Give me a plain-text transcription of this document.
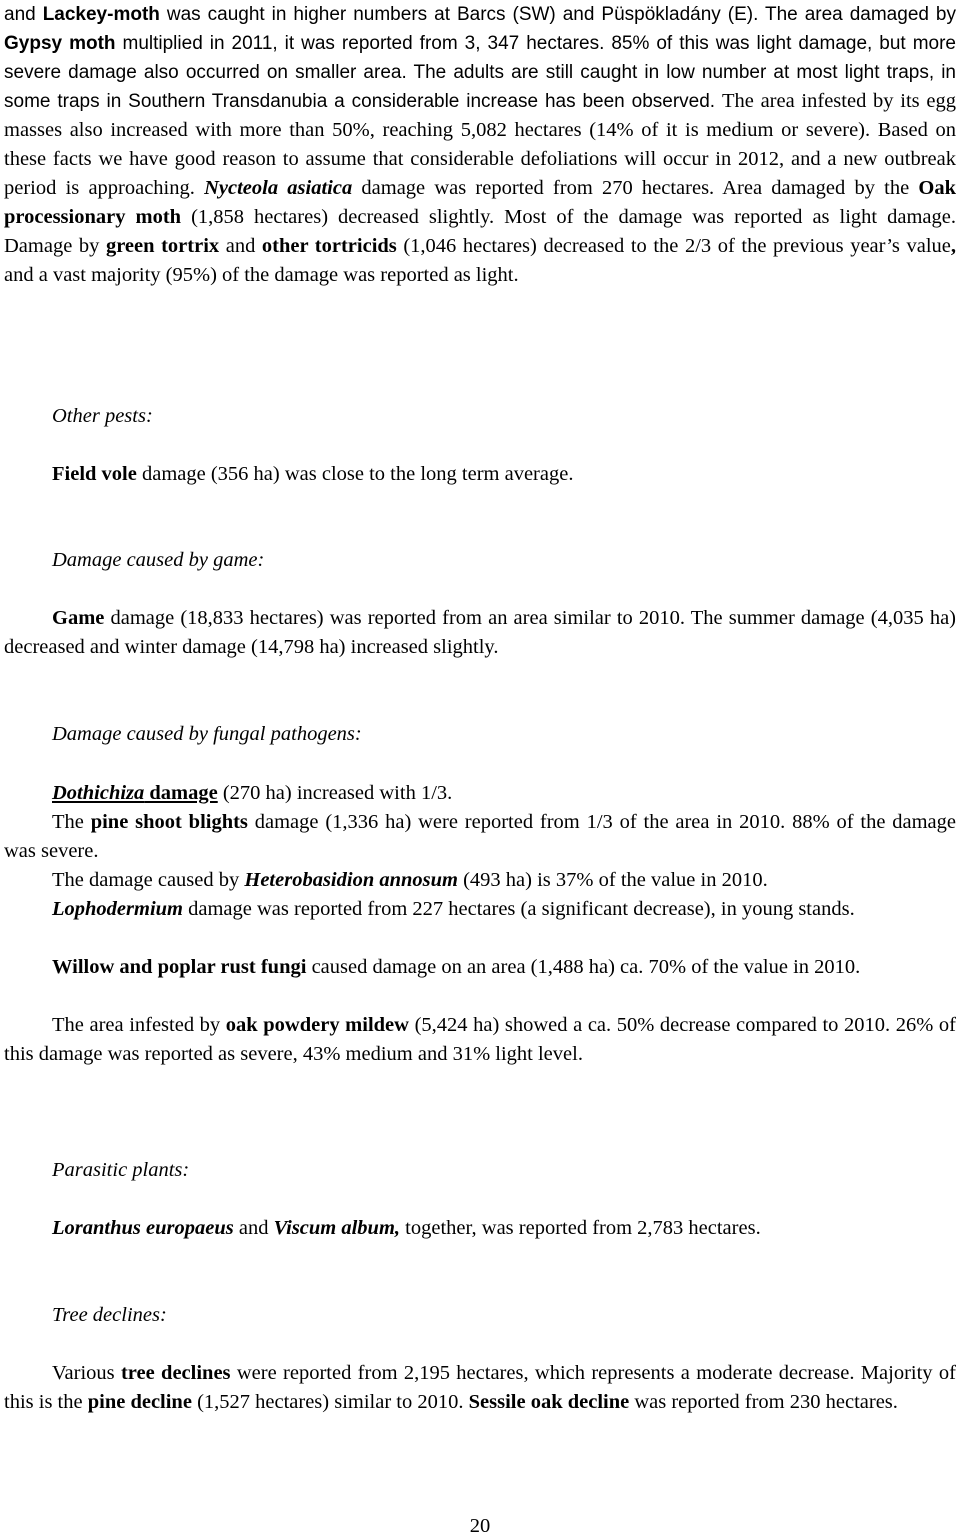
and Lackey-moth was caught in higher numbers at Barcs (SW) and Püspökladány (E). The area damaged by Gypsy moth multiplied in 2011, it was reported from 3, 347 hectares. 85% of this was light damage, but more severe damage also occurred on smaller area. The adults are still caught in low number at most light traps, in some traps in Southern Transdanubia a considerable increase has been observed. The area infested by its egg masses also increased with more than 50%, reaching 5,082 hectares (14% of it is medium or severe). Based on these facts we have good reason to assume that considerable defoliations will occur in 2012, and a new outbreak period is approaching. Nycteola asiatica damage was reported from 270 hectares. Area damaged by the Oak processionary moth (1,858 hectares) decreased slightly. Most of the damage was reported as light damage. Damage by green tortrix and other tortricids (1,046 hectares) decreased to the 2/3 of the previous year’s value, and a vast majority (95%) of the damage was reported as light.

Other pests:

Field vole damage (356 ha) was close to the long term average.

Damage caused by game:

Game damage (18,833 hectares) was reported from an area similar to 2010. The summer damage (4,035 ha) decreased and winter damage (14,798 ha) increased slightly.

Damage caused by fungal pathogens:

Dothichiza damage (270 ha) increased with 1/3.

The pine shoot blights damage (1,336 ha) were reported from 1/3 of the area in 2010. 88% of the damage was severe.

The damage caused by Heterobasidion annosum (493 ha) is 37% of the value in 2010.

Lophodermium damage was reported from 227 hectares (a significant decrease), in young stands.

Willow and poplar rust fungi caused damage on an area (1,488 ha) ca. 70% of the value in 2010.

The area infested by oak powdery mildew (5,424 ha) showed a ca. 50% decrease compared to 2010. 26% of this damage was reported as severe, 43% medium and 31% light level.

Parasitic plants:

Loranthus europaeus and Viscum album, together, was reported from 2,783 hectares.

Tree declines:

Various tree declines were reported from 2,195 hectares, which represents a moderate decrease. Majority of this is the pine decline (1,527 hectares) similar to 2010. Sessile oak decline was reported from 230 hectares.

20
